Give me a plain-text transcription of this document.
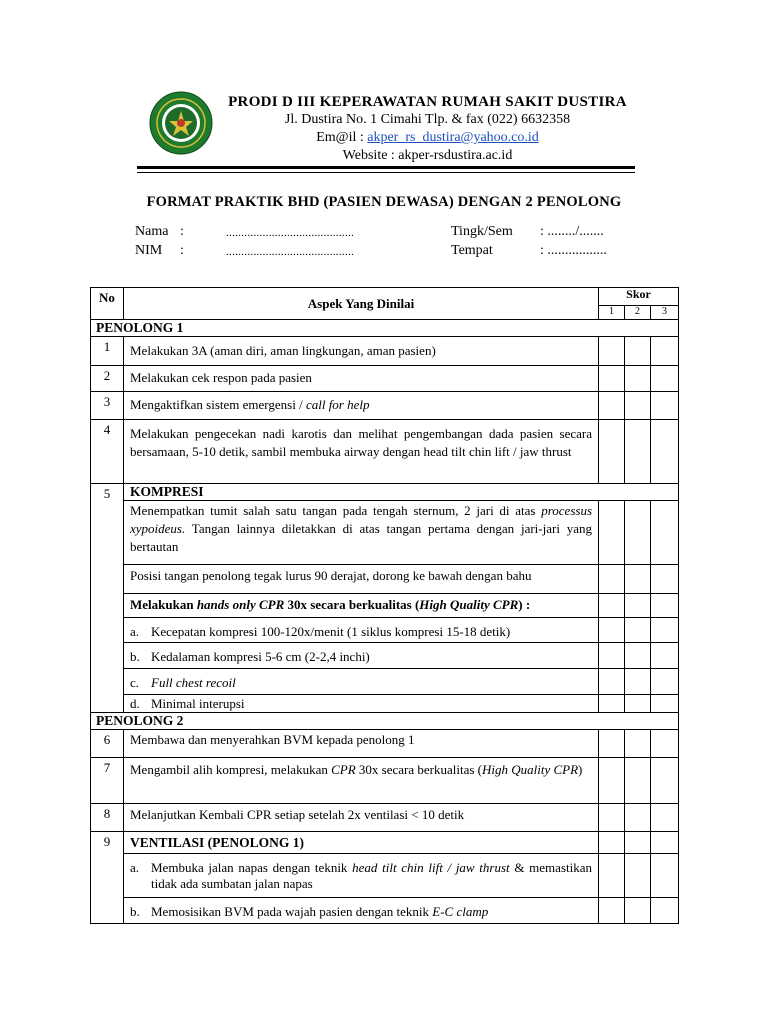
PRODI D III KEPERAWATAN RUMAH SAKIT DUSTIRA
Jl. Dustira No. 1 Cimahi Tlp. & fax (022) 6632358
Em@il : akper_rs_dustira@yahoo.co.id
Website : akper-rsdustira.ac.id
FORMAT PRAKTIK BHD (PASIEN DEWASA) DENGAN 2 PENOLONG
Nama :	..........................................
NIM :	..........................................
Tingk/Sem : ......../.......
Tempat	: .................
No	Aspek Yang Dinilai	Skor		
		1	2	3
PENOLONG 1				
1	Melakukan 3A (aman diri, aman lingkungan, aman pasien)			
2	Melakukan cek respon pada pasien			
3	Mengaktifkan sistem emergensi / call for help			
4	Melakukan pengecekan nadi karotis dan melihat pengembangan dada pasien secara bersamaan, 5-10 detik, sambil membuka airway dengan head tilt chin lift / jaw thrust			
5	KOMPRESI			
	Menempatkan tumit salah satu tangan pada tengah sternum, 2 jari di atas processus xypoideus. Tangan lainnya diletakkan di atas tangan pertama dengan jari-jari yang bertautan			
	Posisi tangan penolong tegak lurus 90 derajat, dorong ke bawah dengan bahu			
	Melakukan hands only CPR 30x secara berkualitas (High Quality CPR) :			
	a. Kecepatan kompresi 100-120x/menit (1 siklus kompresi 15-18 detik)			
	b. Kedalaman kompresi 5-6 cm (2-2,4 inchi)			
	c. Full chest recoil			
	d. Minimal interupsi			
PENOLONG 2				
6	Membawa dan menyerahkan BVM kepada penolong 1			
7	Mengambil alih kompresi, melakukan CPR 30x secara berkualitas (High Quality CPR)			
8	Melanjutkan Kembali CPR setiap setelah 2x ventilasi < 10 detik			
9	VENTILASI (PENOLONG 1)			
	a. Membuka jalan napas dengan teknik head tilt chin lift / jaw thrust & memastikan tidak ada sumbatan jalan napas			
	b. Memosisikan BVM pada wajah pasien dengan teknik E-C clamp			
